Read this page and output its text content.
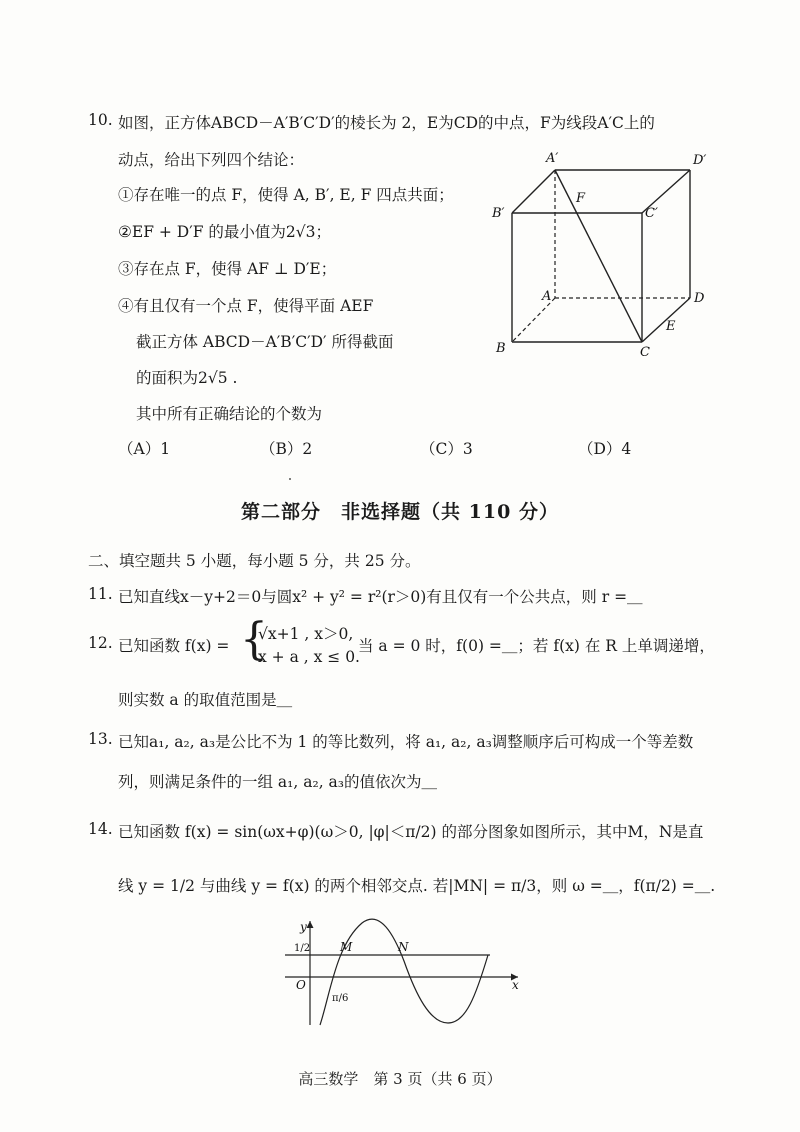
10. 如图，正方体ABCD－A′B′C′D′的棱长为 2，E为CD的中点，F为线段A′C上的
动点，给出下列四个结论：
①存在唯一的点 F，使得 A, B′, E, F 四点共面；
②EF + D′F 的最小值为2√3；
③存在点 F，使得 AF ⊥ D′E；
④有且仅有一个点 F，使得平面 AEF
截正方体 ABCD－A′B′C′D′ 所得截面
的面积为2√5 .
其中所有正确结论的个数为
（A）1	（B）2	（C）3	（D）4
A′	D′
B′	C′
A	D
B	C
E
F
第二部分　非选择题（共 110 分）
二、填空题共 5 小题，每小题 5 分，共 25 分。
11. 已知直线x－y+2＝0与圆x² + y² = r²(r＞0)有且仅有一个公共点，则 r =＿
12. 已知函数 f(x) = {
√x+1 , x＞0,
x + a , x ≤ 0.
当 a = 0 时，f(0) =＿；若 f(x) 在 R 上单调递增，
则实数 a 的取值范围是＿
13. 已知a₁, a₂, a₃是公比不为 1 的等比数列，将 a₁, a₂, a₃调整顺序后可构成一个等差数
列，则满足条件的一组 a₁, a₂, a₃的值依次为＿
14. 已知函数 f(x) = sin(ωx+φ)(ω＞0, |φ|＜π/2) 的部分图象如图所示，其中M，N是直
线 y = 1/2 与曲线 y = f(x) 的两个相邻交点. 若|MN| = π/3，则 ω =＿，f(π/2) =＿.
y
x
O
1/2 M	N
π/6
高三数学　第 3 页（共 6 页）
